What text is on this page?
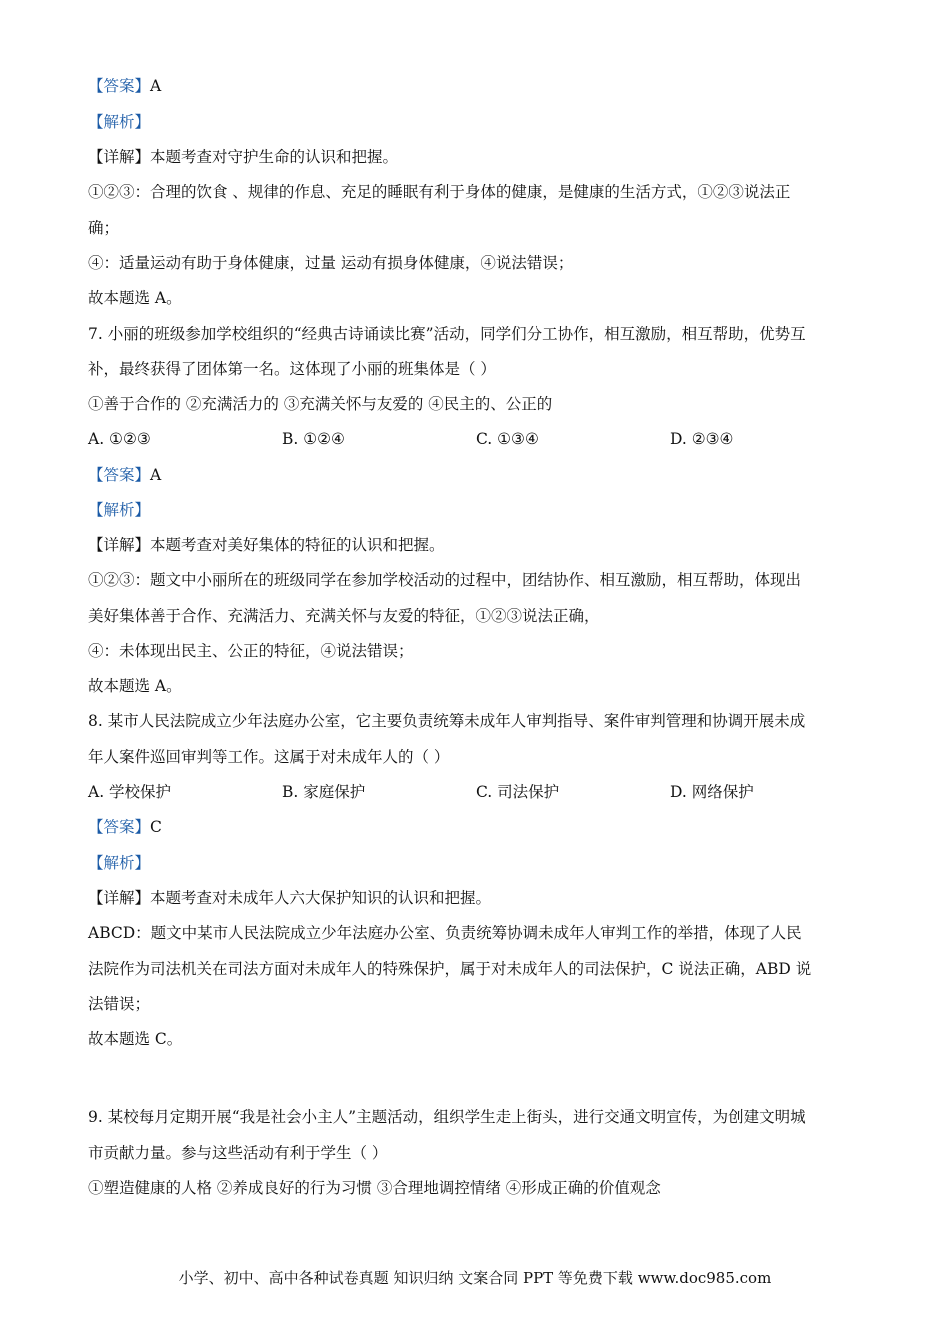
【答案】A
【解析】
【详解】本题考查对守护生命的认识和把握。
①②③：合理的饮食 、规律的作息、充足的睡眠有利于身体的健康，是健康的生活方式，①②③说法正
确；
④：适量运动有助于身体健康，过量 运动有损身体健康，④说法错误；
故本题选 A。
7. 小丽的班级参加学校组织的“经典古诗诵读比赛”活动，同学们分工协作，相互激励，相互帮助，优势互
补，最终获得了团体第一名。这体现了小丽的班集体是（ ）
①善于合作的 ②充满活力的 ③充满关怀与友爱的 ④民主的、公正的
A. ①②③	B. ①②④	C. ①③④	D. ②③④
【答案】A
【解析】
【详解】本题考查对美好集体的特征的认识和把握。
①②③：题文中小丽所在的班级同学在参加学校活动的过程中，团结协作、相互激励，相互帮助，体现出
美好集体善于合作、充满活力、充满关怀与友爱的特征，①②③说法正确，
④：未体现出民主、公正的特征，④说法错误；
故本题选 A。
8. 某市人民法院成立少年法庭办公室，它主要负责统筹未成年人审判指导、案件审判管理和协调开展未成
年人案件巡回审判等工作。这属于对未成年人的（ ）
A. 学校保护	B. 家庭保护	C. 司法保护	D. 网络保护
【答案】C
【解析】
【详解】本题考查对未成年人六大保护知识的认识和把握。
ABCD：题文中某市人民法院成立少年法庭办公室、负责统筹协调未成年人审判工作的举措，体现了人民
法院作为司法机关在司法方面对未成年人的特殊保护，属于对未成年人的司法保护，C 说法正确，ABD 说
法错误；
故本题选 C。
9. 某校每月定期开展“我是社会小主人”主题活动，组织学生走上街头，进行交通文明宣传，为创建文明城
市贡献力量。参与这些活动有利于学生（ ）
①塑造健康的人格 ②养成良好的行为习惯 ③合理地调控情绪 ④形成正确的价值观念
小学、初中、高中各种试卷真题 知识归纳 文案合同 PPT 等免费下载 www.doc985.com
